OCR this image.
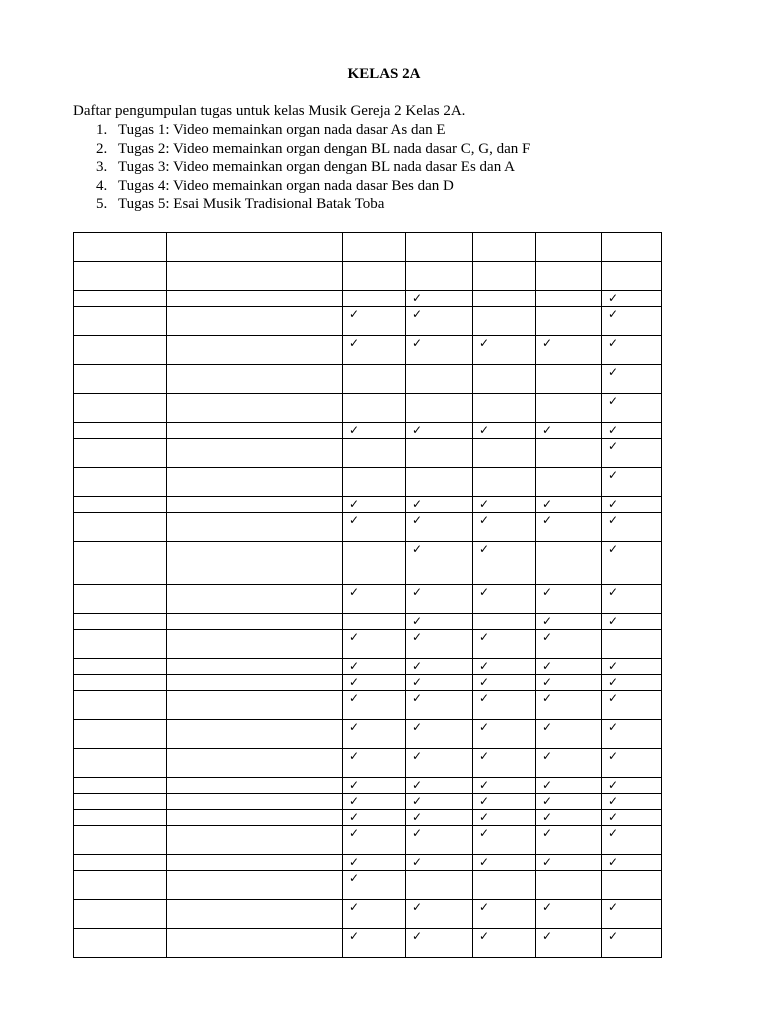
KELAS 2A
Daftar pengumpulan tugas untuk kelas Musik Gereja 2 Kelas 2A.
1. Tugas 1: Video memainkan organ nada dasar As dan E
2. Tugas 2: Video memainkan organ dengan BL nada dasar C, G, dan F
3. Tugas 3: Video memainkan organ dengan BL nada dasar Es dan A
4. Tugas 4: Video memainkan organ nada dasar Bes dan D
5. Tugas 5: Esai Musik Tradisional Batak Toba

			✓			✓

		✓	✓			✓

		✓	✓	✓	✓	✓

						✓

						✓

		✓	✓	✓	✓	✓

						✓

						✓

		✓	✓	✓	✓	✓

		✓	✓	✓	✓	✓

			✓	✓		✓

		✓	✓	✓	✓	✓

			✓		✓	✓

		✓	✓	✓	✓	

		✓	✓	✓	✓	✓

		✓	✓	✓	✓	✓

		✓	✓	✓	✓	✓

		✓	✓	✓	✓	✓

		✓	✓	✓	✓	✓

		✓	✓	✓	✓	✓

		✓	✓	✓	✓	✓

		✓	✓	✓	✓	✓

		✓	✓	✓	✓	✓

		✓	✓	✓	✓	✓

		✓				

		✓	✓	✓	✓	✓

		✓	✓	✓	✓	✓
